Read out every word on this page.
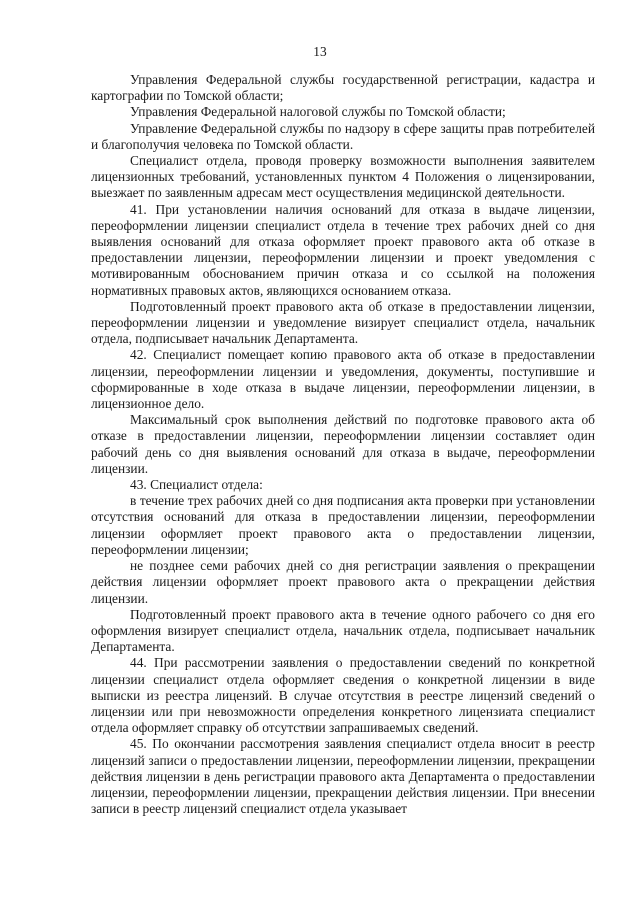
13

Управления Федеральной службы государственной регистрации, кадастра и картографии по Томской области;

Управления Федеральной налоговой службы по Томской области;

Управление Федеральной службы по надзору в сфере защиты прав потребителей и благополучия человека по Томской области.

Специалист отдела, проводя проверку возможности выполнения заявителем лицензионных требований, установленных пунктом 4 Положения о лицензировании, выезжает по заявленным адресам мест осуществления медицинской деятельности.

41. При установлении наличия оснований для отказа в выдаче лицензии, переоформлении лицензии специалист отдела в течение трех рабочих дней со дня выявления оснований для отказа оформляет проект правового акта об отказе в предоставлении лицензии, переоформлении лицензии и проект уведомления с мотивированным обоснованием причин отказа и со ссылкой на положения нормативных правовых актов, являющихся основанием отказа.

Подготовленный проект правового акта об отказе в предоставлении лицензии, переоформлении лицензии и уведомление визирует специалист отдела, начальник отдела, подписывает начальник Департамента.

42. Специалист помещает копию правового акта об отказе в предоставлении лицензии, переоформлении лицензии и уведомления, документы, поступившие и сформированные в ходе отказа в выдаче лицензии, переоформлении лицензии, в лицензионное дело.

Максимальный срок выполнения действий по подготовке правового акта об отказе в предоставлении лицензии, переоформлении лицензии составляет один рабочий день со дня выявления оснований для отказа в выдаче, переоформлении лицензии.

43. Специалист отдела:

в течение трех рабочих дней со дня подписания акта проверки при установлении отсутствия оснований для отказа в предоставлении лицензии, переоформлении лицензии оформляет проект правового акта о предоставлении лицензии, переоформлении лицензии;

не позднее семи рабочих дней со дня регистрации заявления о прекращении действия лицензии оформляет проект правового акта о прекращении действия лицензии.

Подготовленный проект правового акта в течение одного рабочего со дня его оформления визирует специалист отдела, начальник отдела, подписывает начальник Департамента.

44. При рассмотрении заявления о предоставлении сведений по конкретной лицензии специалист отдела оформляет сведения о конкретной лицензии в виде выписки из реестра лицензий. В случае отсутствия в реестре лицензий сведений о лицензии или при невозможности определения конкретного лицензиата специалист отдела оформляет справку об отсутствии запрашиваемых сведений.

45. По окончании рассмотрения заявления специалист отдела вносит в реестр лицензий записи о предоставлении лицензии, переоформлении лицензии, прекращении действия лицензии в день регистрации правового акта Департамента о предоставлении лицензии, переоформлении лицензии, прекращении действия лицензии. При внесении записи в реестр лицензий специалист отдела указывает
